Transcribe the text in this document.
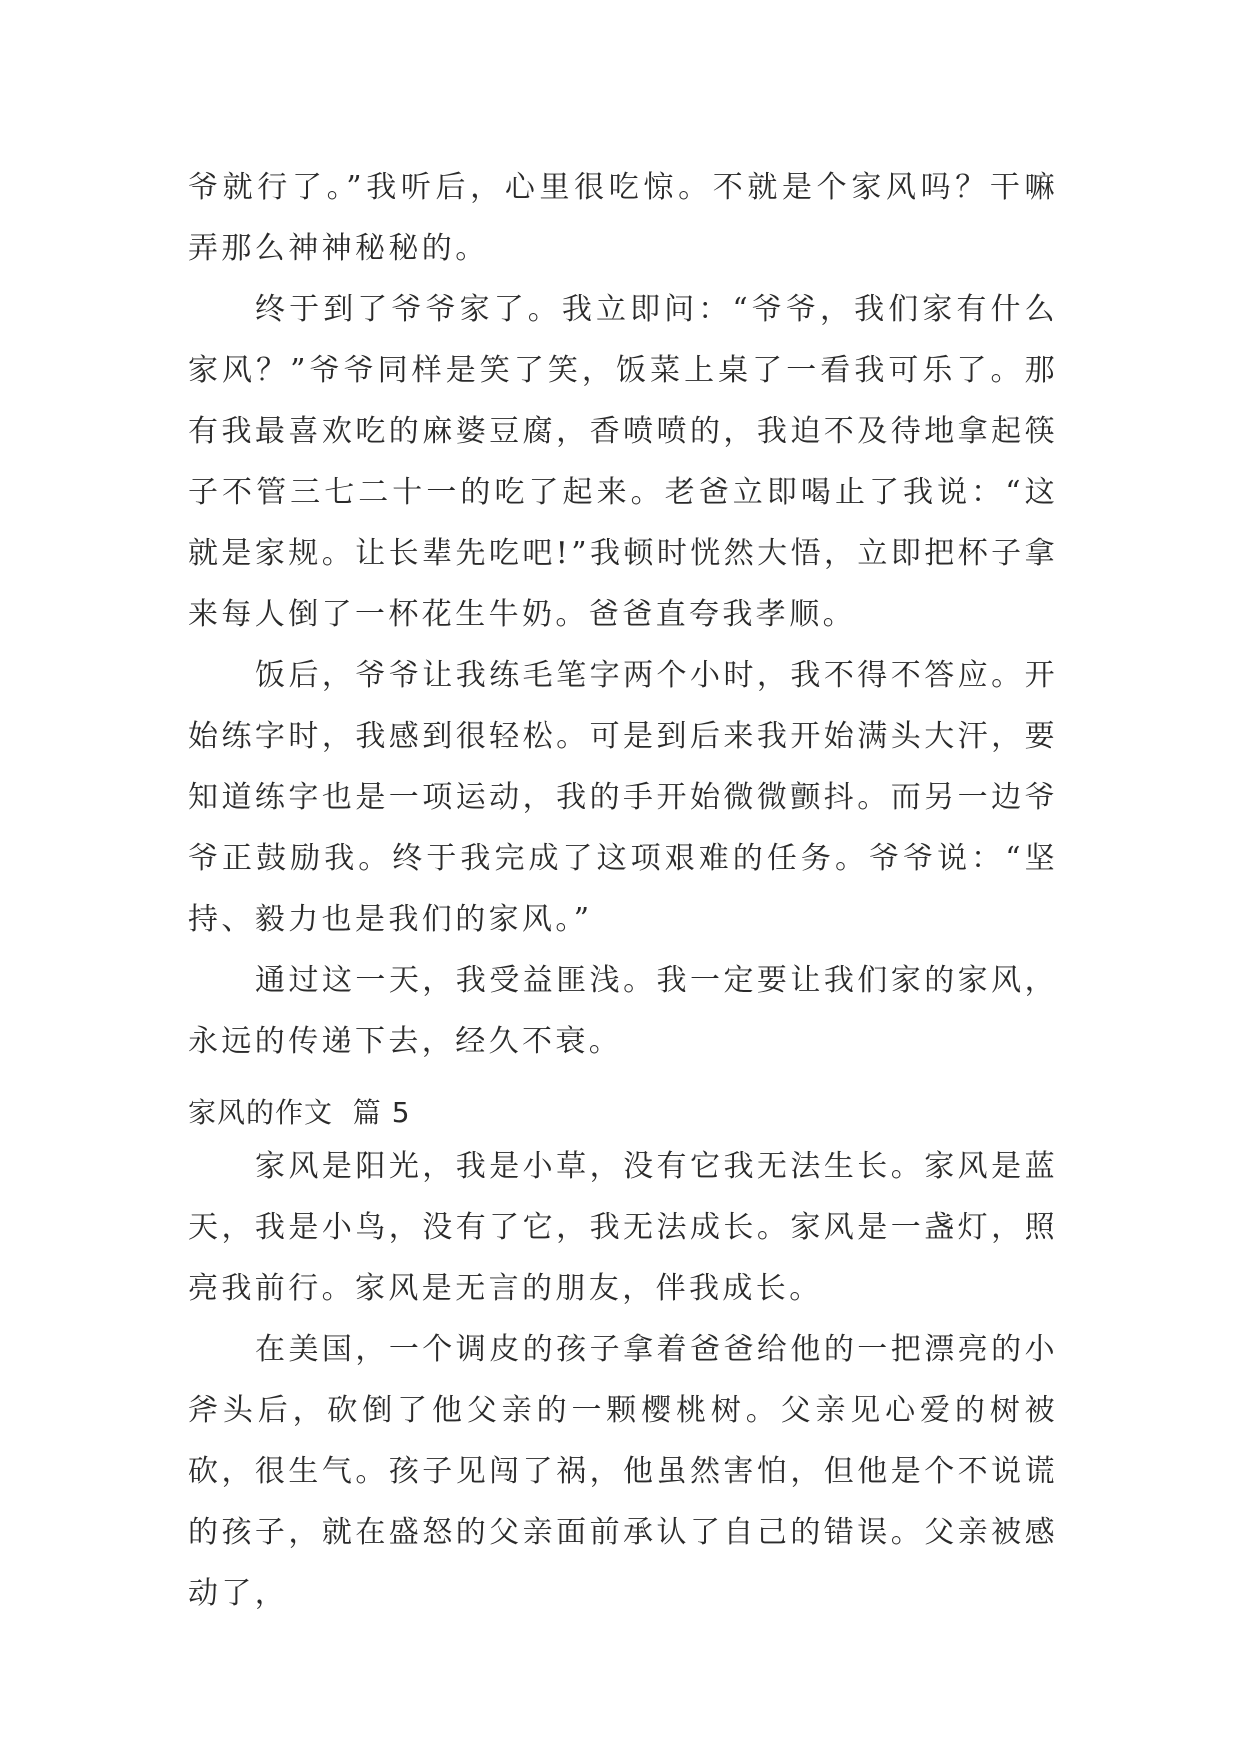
爷就行了。”我听后，心里很吃惊。不就是个家风吗？干嘛弄那么神神秘秘的。

终于到了爷爷家了。我立即问：“爷爷，我们家有什么家风？”爷爷同样是笑了笑，饭菜上桌了一看我可乐了。那有我最喜欢吃的麻婆豆腐，香喷喷的，我迫不及待地拿起筷子不管三七二十一的吃了起来。老爸立即喝止了我说：“这就是家规。让长辈先吃吧!”我顿时恍然大悟，立即把杯子拿来每人倒了一杯花生牛奶。爸爸直夸我孝顺。

饭后，爷爷让我练毛笔字两个小时，我不得不答应。开始练字时，我感到很轻松。可是到后来我开始满头大汗，要知道练字也是一项运动，我的手开始微微颤抖。而另一边爷爷正鼓励我。终于我完成了这项艰难的任务。爷爷说：“坚持、毅力也是我们的家风。”

通过这一天，我受益匪浅。我一定要让我们家的家风，永远的传递下去，经久不衰。

家风的作文  篇 5

家风是阳光，我是小草，没有它我无法生长。家风是蓝天，我是小鸟，没有了它，我无法成长。家风是一盏灯，照亮我前行。家风是无言的朋友，伴我成长。

在美国，一个调皮的孩子拿着爸爸给他的一把漂亮的小斧头后，砍倒了他父亲的一颗樱桃树。父亲见心爱的树被砍，很生气。孩子见闯了祸，他虽然害怕，但他是个不说谎的孩子，就在盛怒的父亲面前承认了自己的错误。父亲被感动了，
